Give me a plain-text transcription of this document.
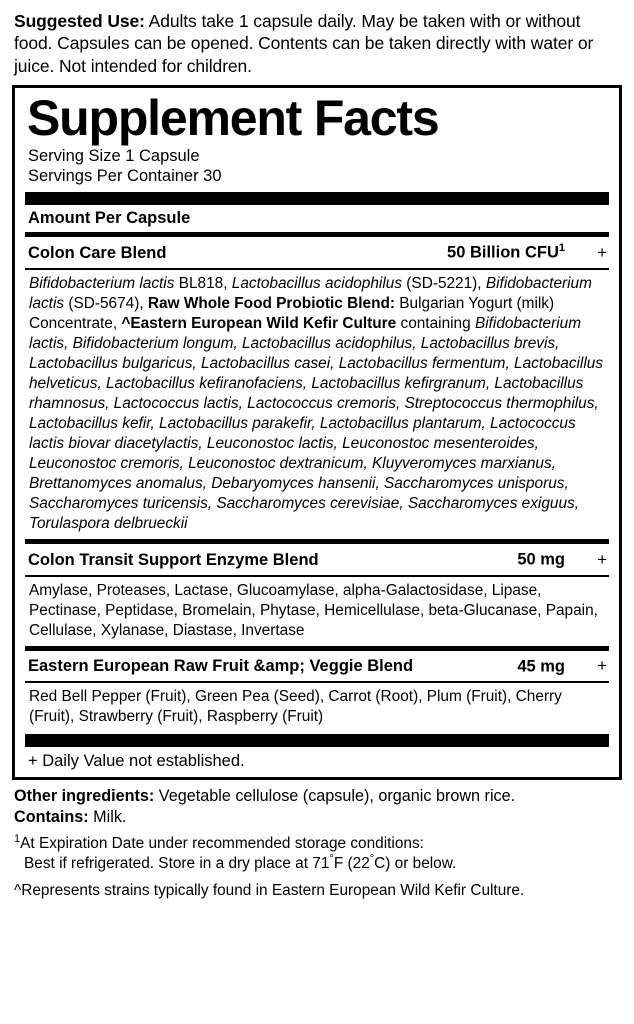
Suggested Use: Adults take 1 capsule daily. May be taken with or without food. Capsules can be opened. Contents can be taken directly with water or juice. Not intended for children.
Supplement Facts
Serving Size 1 Capsule
Servings Per Container 30
Amount Per Capsule
Colon Care Blend	50 Billion $CFU^1$	+
Bifidobacterium lactis BL818, Lactobacillus acidophilus (SD-5221), Bifidobacterium lactis (SD-5674), Raw Whole Food Probiotic Blend: Bulgarian Yogurt (milk) Concentrate, ^Eastern European Wild Kefir Culture containing Bifidobacterium lactis, Bifidobacterium longum, Lactobacillus acidophilus, Lactobacillus brevis, Lactobacillus bulgaricus, Lactobacillus casei, Lactobacillus fermentum, Lactobacillus helveticus, Lactobacillus kefiranofaciens, Lactobacillus kefirgranum, Lactobacillus rhamnosus, Lactococcus lactis, Lactococcus cremoris, Streptococcus thermophilus, Lactobacillus kefir, Lactobacillus parakefir, Lactobacillus plantarum, Lactococcus lactis biovar diacetylactis, Leuconostoc lactis, Leuconostoc mesenteroides, Leuconostoc cremoris, Leuconostoc dextranicum, Kluyveromyces marxianus, Brettanomyces anomalus, Debaryomyces hansenii, Saccharomyces unisporus, Saccharomyces turicensis, Saccharomyces cerevisiae, Saccharomyces exiguus, Torulaspora delbrueckii
Colon Transit Support Enzyme Blend	50 mg	+
Amylase, Proteases, Lactase, Glucoamylase, alpha-Galactosidase, Lipase, Pectinase, Peptidase, Bromelain, Phytase, Hemicellulase, beta-Glucanase, Papain, Cellulase, Xylanase, Diastase, Invertase
Eastern European Raw Fruit &amp; Veggie Blend	45 mg	+
Red Bell Pepper (Fruit), Green Pea (Seed), Carrot (Root), Plum (Fruit), Cherry (Fruit), Strawberry (Fruit), Raspberry (Fruit)
+ Daily Value not established.
Other ingredients: Vegetable cellulose (capsule), organic brown rice.
Contains: Milk.
$^1$At Expiration Date under recommended storage conditions:
Best if refrigerated. Store in a dry place at 71°F (22°C) or below.
^Represents strains typically found in Eastern European Wild Kefir Culture.
